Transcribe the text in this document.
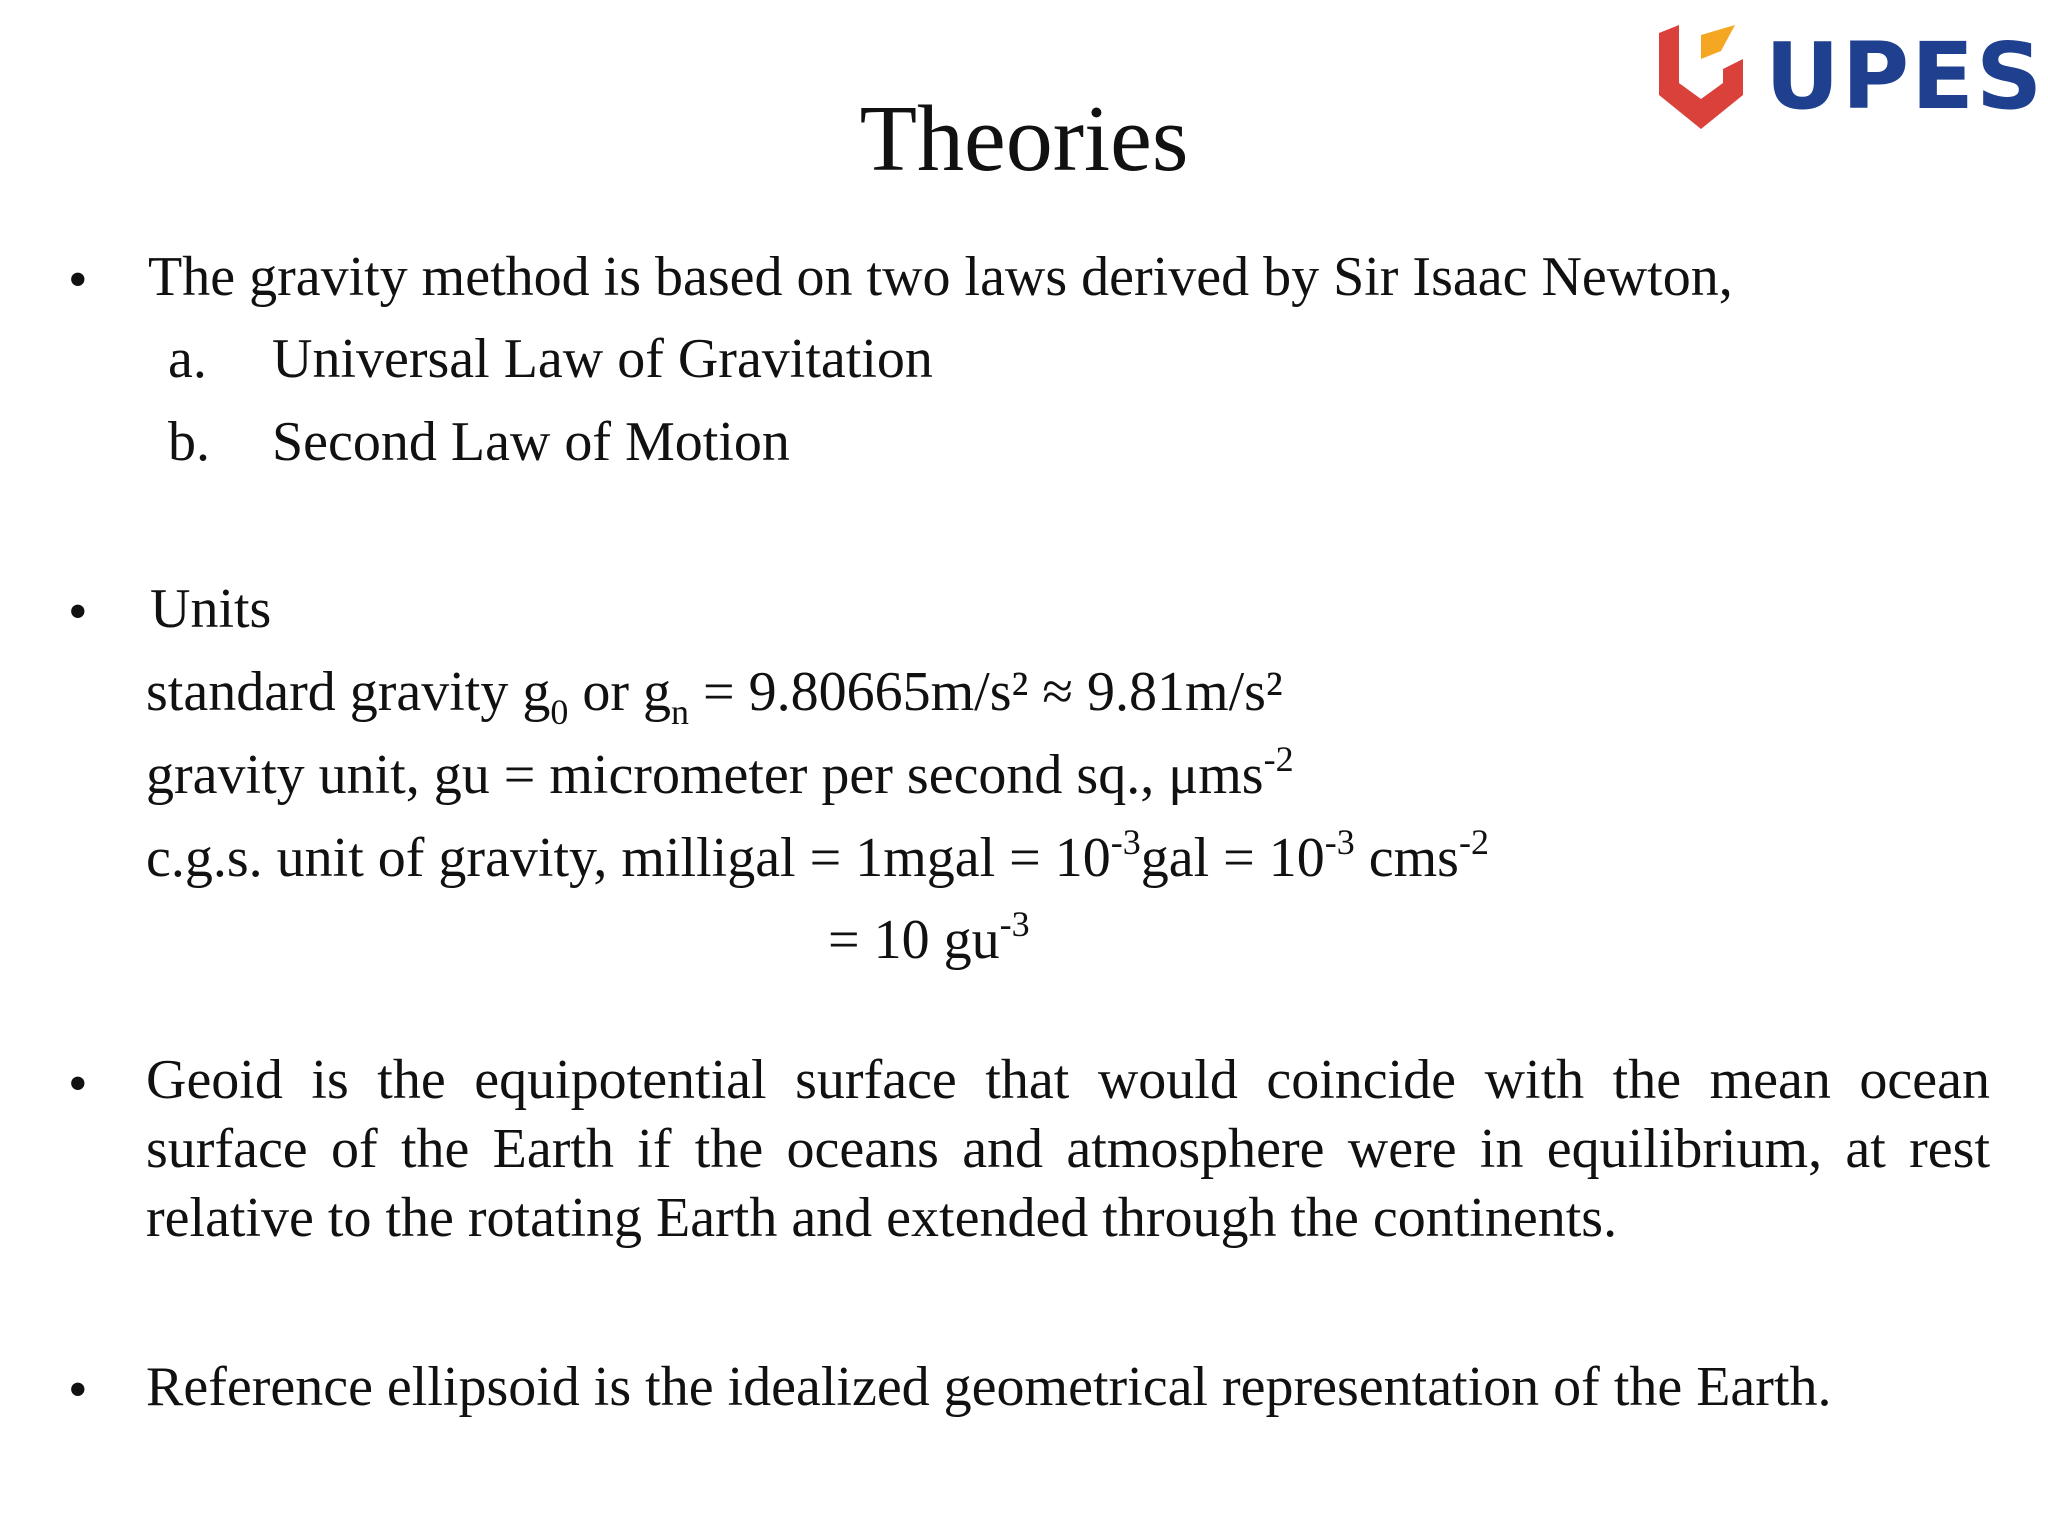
UPES
Theories
• The gravity method is based on two laws derived by Sir Isaac Newton,
a. Universal Law of Gravitation
b. Second Law of Motion
• Units
standard gravity $g_0$ or $g_n = 9.80665m/s^2 \approx 9.81m/s^2$
gravity unit, gu = micrometer per second sq., μms$^{-2}$
c.g.s. unit of gravity, milligal = 1mgal = $10^{-3}gal = 10^{-3}$ cms$^{-2}$
= 10 $gu^{-3}$
• Geoid is the equipotential surface that would coincide with the mean ocean surface of the Earth if the oceans and atmosphere were in equilibrium, at rest relative to the rotating Earth and extended through the continents.
• Reference ellipsoid is the idealized geometrical representation of the Earth.
